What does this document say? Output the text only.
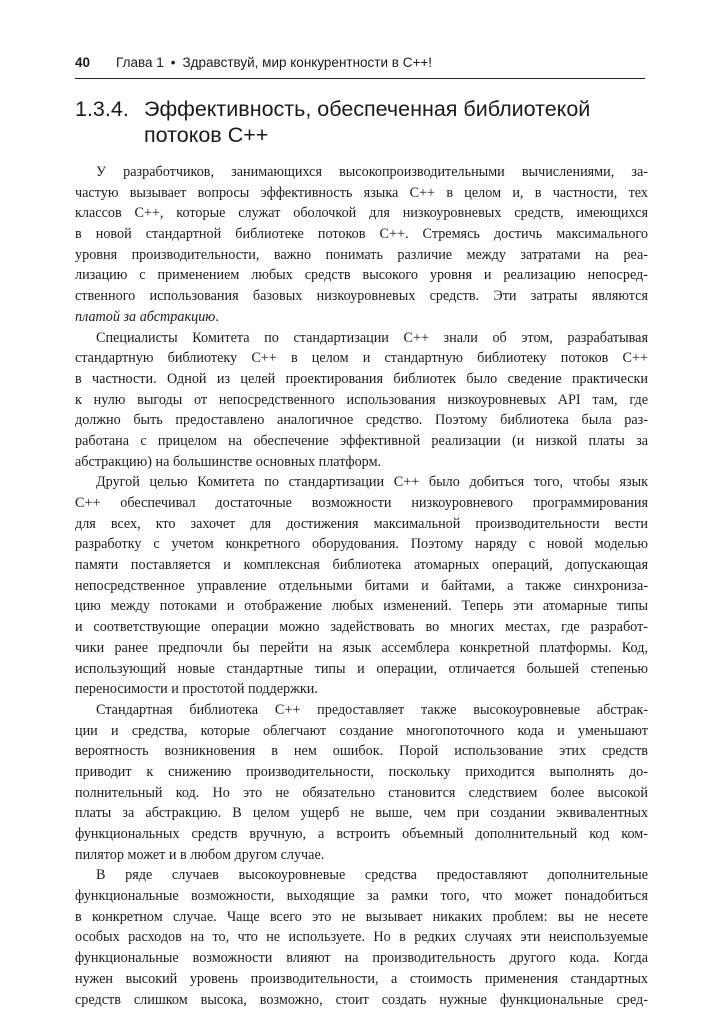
40 Глава 1 • Здравствуй, мир конкурентности в C++!
1.3.4. Эффективность, обеспеченная библиотекой
потоков C++
У разработчиков, занимающихся высокопроизводительными вычислениями, за-
частую вызывает вопросы эффективность языка C++ в целом и, в частности, тех
классов C++, которые служат оболочкой для низкоуровневых средств, имеющихся
в новой стандартной библиотеке потоков C++. Стремясь достичь максимального
уровня производительности, важно понимать различие между затратами на реа-
лизацию с применением любых средств высокого уровня и реализацию непосред-
ственного использования базовых низкоуровневых средств. Эти затраты являются
платой за абстракцию.
Специалисты Комитета по стандартизации C++ знали об этом, разрабатывая
стандартную библиотеку C++ в целом и стандартную библиотеку потоков C++
в частности. Одной из целей проектирования библиотек было сведение практически
к нулю выгоды от непосредственного использования низкоуровневых API там, где
должно быть предоставлено аналогичное средство. Поэтому библиотека была раз-
работана с прицелом на обеспечение эффективной реализации (и низкой платы за
абстракцию) на большинстве основных платформ.
Другой целью Комитета по стандартизации C++ было добиться того, чтобы язык
C++ обеспечивал достаточные возможности низкоуровневого программирования
для всех, кто захочет для достижения максимальной производительности вести
разработку с учетом конкретного оборудования. Поэтому наряду с новой моделью
памяти поставляется и комплексная библиотека атомарных операций, допускающая
непосредственное управление отдельными битами и байтами, а также синхрониза-
цию между потоками и отображение любых изменений. Теперь эти атомарные типы
и соответствующие операции можно задействовать во многих местах, где разработ-
чики ранее предпочли бы перейти на язык ассемблера конкретной платформы. Код,
использующий новые стандартные типы и операции, отличается большей степенью
переносимости и простотой поддержки.
Стандартная библиотека C++ предоставляет также высокоуровневые абстрак-
ции и средства, которые облегчают создание многопоточного кода и уменьшают
вероятность возникновения в нем ошибок. Порой использование этих средств
приводит к снижению производительности, поскольку приходится выполнять до-
полнительный код. Но это не обязательно становится следствием более высокой
платы за абстракцию. В целом ущерб не выше, чем при создании эквивалентных
функциональных средств вручную, а встроить объемный дополнительный код ком-
пилятор может и в любом другом случае.
В ряде случаев высокоуровневые средства предоставляют дополнительные
функциональные возможности, выходящие за рамки того, что может понадобиться
в конкретном случае. Чаще всего это не вызывает никаких проблем: вы не несете
особых расходов на то, что не используете. Но в редких случаях эти неиспользуемые
функциональные возможности влияют на производительность другого кода. Когда
нужен высокий уровень производительности, а стоимость применения стандартных
средств слишком высока, возможно, стоит создать нужные функциональные сред-
